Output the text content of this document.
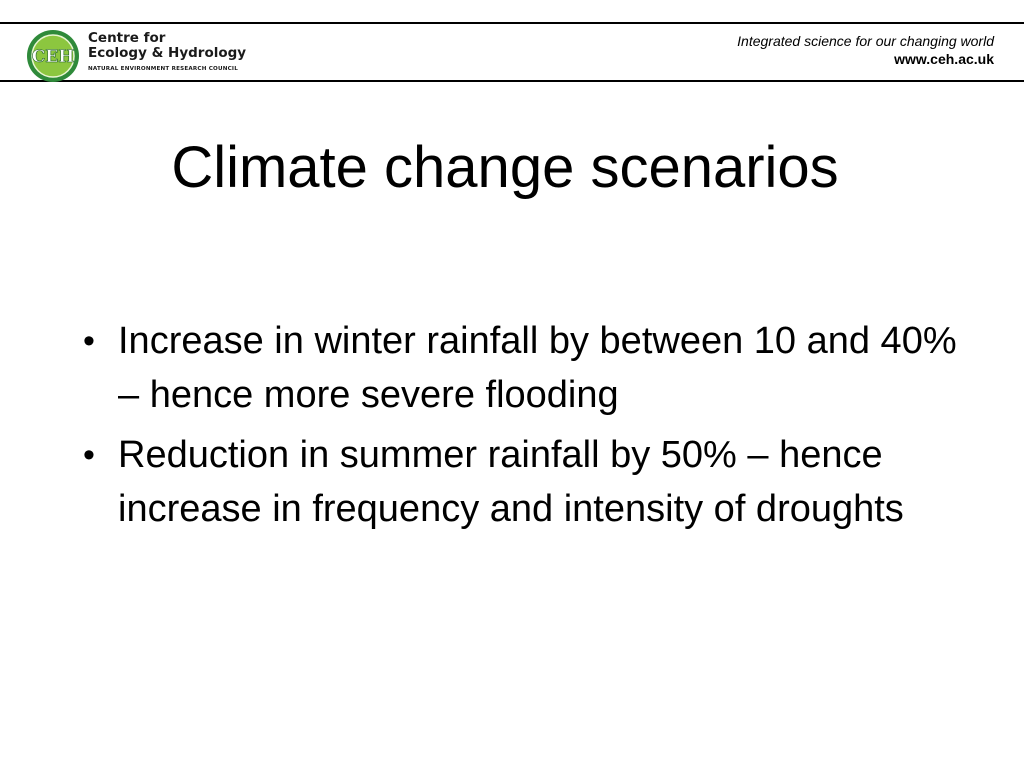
CEH
Centre for
Ecology & Hydrology
NATURAL ENVIRONMENT RESEARCH COUNCIL
Integrated science for our changing world
www.ceh.ac.uk
Climate change scenarios
• Increase in winter rainfall by between 10 and 40% – hence more severe flooding
• Reduction in summer rainfall by 50% – hence increase in frequency and intensity of droughts
